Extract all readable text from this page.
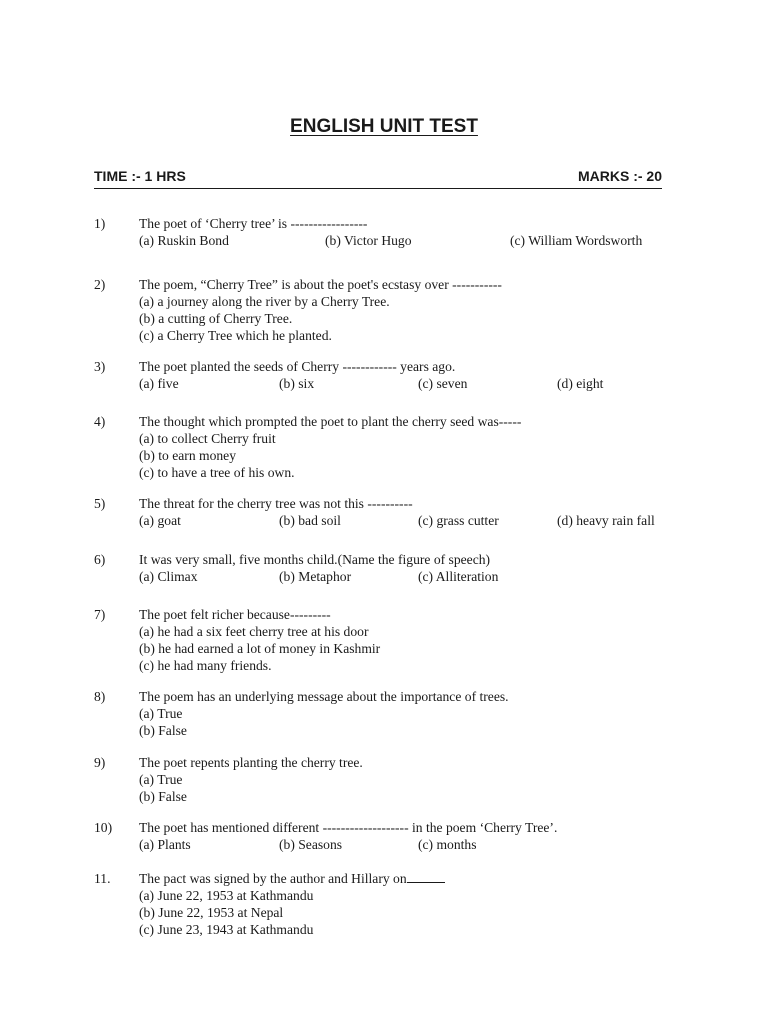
ENGLISH UNIT TEST
TIME :- 1 HRS	MARKS :- 20
1) The poet of ‘Cherry tree’ is -----------------
(a) Ruskin Bond	(b) Victor Hugo	(c) William Wordsworth
2) The poem, “Cherry Tree” is about the poet's ecstasy over -----------
(a) a journey along the river by a Cherry Tree.
(b) a cutting of Cherry Tree.
(c) a Cherry Tree which he planted.
3) The poet planted the seeds of Cherry ------------ years ago.
(a) five	(b) six	(c) seven	(d) eight
4) The thought which prompted the poet to plant the cherry seed was-----
(a) to collect Cherry fruit
(b) to earn money
(c) to have a tree of his own.
5) The threat for the cherry tree was not this ----------
(a) goat	(b) bad soil	(c) grass cutter	(d) heavy rain fall
6) It was very small, five months child.(Name the figure of speech)
(a) Climax	(b) Metaphor	(c) Alliteration
7) The poet felt richer because---------
(a) he had a six feet cherry tree at his door
(b) he had earned a lot of money in Kashmir
(c) he had many friends.
8) The poem has an underlying message about the importance of trees.
(a) True
(b) False
9) The poet repents planting the cherry tree.
(a) True
(b) False
10) The poet has mentioned different ------------------- in the poem ‘Cherry Tree’.
(a) Plants	(b) Seasons	(c) months
11. The pact was signed by the author and Hillary on
(a) June 22, 1953 at Kathmandu
(b) June 22, 1953 at Nepal
(c) June 23, 1943 at Kathmandu
